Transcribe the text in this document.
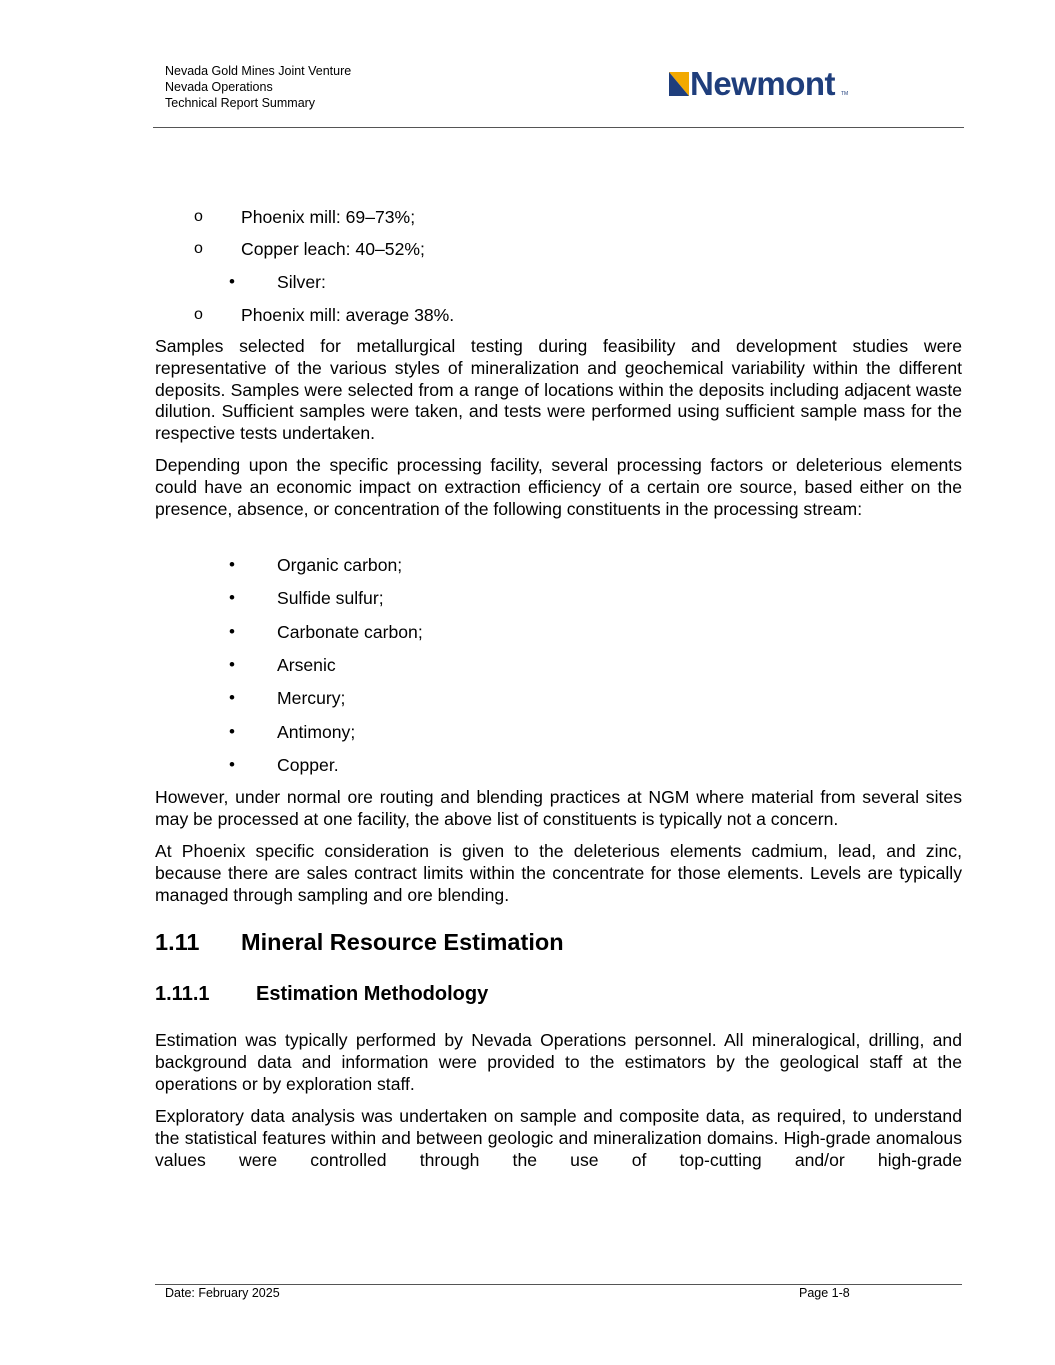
Nevada Gold Mines Joint Venture
Nevada Operations
Technical Report Summary
Newmont TM
o Phoenix mill: 69–73%;
o Copper leach: 40–52%;
• Silver:
o Phoenix mill: average 38%.
Samples selected for metallurgical testing during feasibility and development studies were representative of the various styles of mineralization and geochemical variability within the different deposits. Samples were selected from a range of locations within the deposits including adjacent waste dilution. Sufficient samples were taken, and tests were performed using sufficient sample mass for the respective tests undertaken.
Depending upon the specific processing facility, several processing factors or deleterious elements could have an economic impact on extraction efficiency of a certain ore source, based either on the presence, absence, or concentration of the following constituents in the processing stream:
• Organic carbon;
• Sulfide sulfur;
• Carbonate carbon;
• Arsenic
• Mercury;
• Antimony;
• Copper.
However, under normal ore routing and blending practices at NGM where material from several sites may be processed at one facility, the above list of constituents is typically not a concern.
At Phoenix specific consideration is given to the deleterious elements cadmium, lead, and zinc, because there are sales contract limits within the concentrate for those elements. Levels are typically managed through sampling and ore blending.
1.11 Mineral Resource Estimation
1.11.1 Estimation Methodology
Estimation was typically performed by Nevada Operations personnel. All mineralogical, drilling, and background data and information were provided to the estimators by the geological staff at the operations or by exploration staff.
Exploratory data analysis was undertaken on sample and composite data, as required, to understand the statistical features within and between geologic and mineralization domains. High-grade anomalous values were controlled through the use of top-cutting and/or high-grade
Date: February 2025	Page 1-8
